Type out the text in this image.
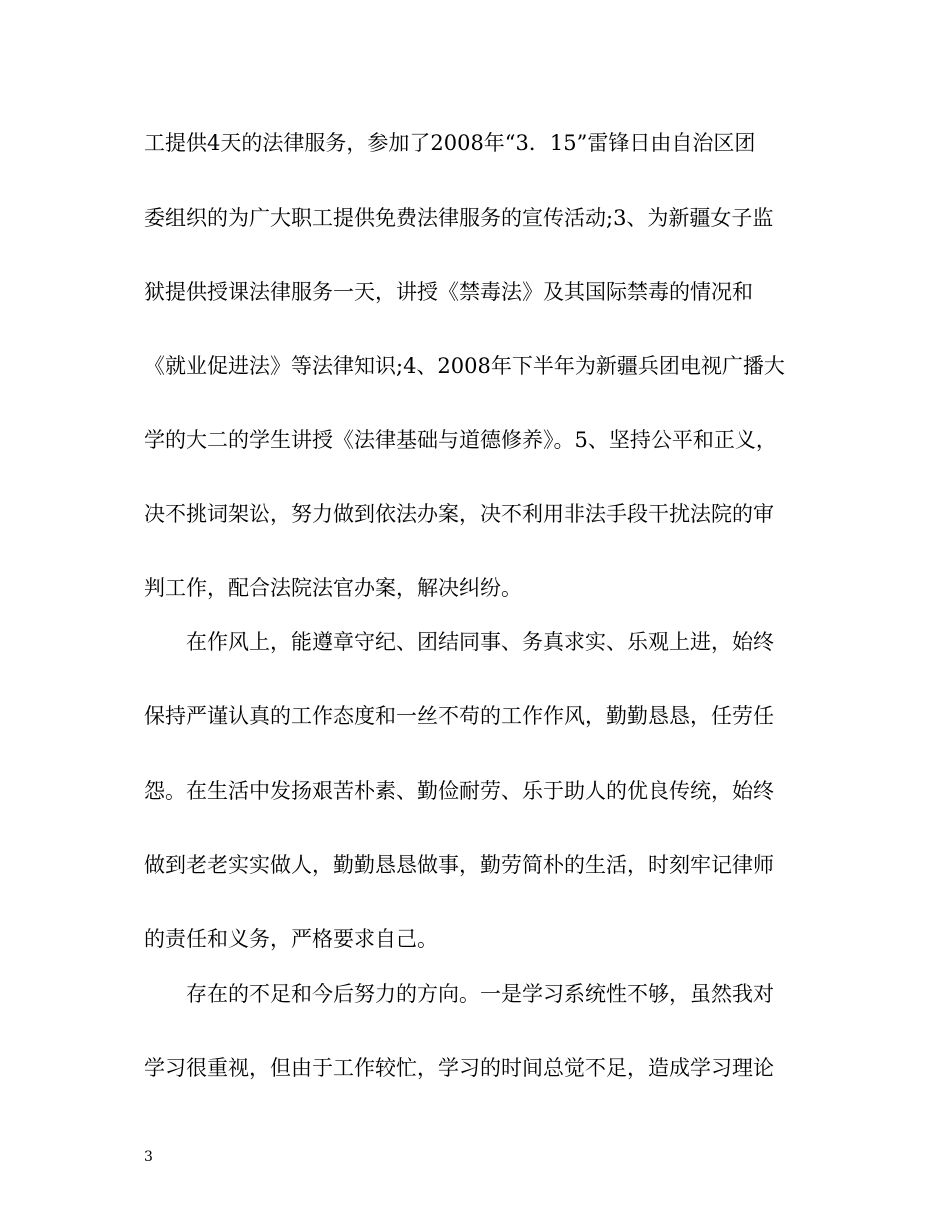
工提供4天的法律服务，参加了2008年“3．15”雷锋日由自治区团
委组织的为广大职工提供免费法律服务的宣传活动;3、为新疆女子监
狱提供授课法律服务一天，讲授《禁毒法》及其国际禁毒的情况和
《就业促进法》等法律知识;4、2008年下半年为新疆兵团电视广播大
学的大二的学生讲授《法律基础与道德修养》。5、坚持公平和正义，
决不挑词架讼，努力做到依法办案，决不利用非法手段干扰法院的审
判工作，配合法院法官办案，解决纠纷。
在作风上，能遵章守纪、团结同事、务真求实、乐观上进，始终
保持严谨认真的工作态度和一丝不苟的工作作风，勤勤恳恳，任劳任
怨。在生活中发扬艰苦朴素、勤俭耐劳、乐于助人的优良传统，始终
做到老老实实做人，勤勤恳恳做事，勤劳简朴的生活，时刻牢记律师
的责任和义务，严格要求自己。
存在的不足和今后努力的方向。一是学习系统性不够，虽然我对
学习很重视，但由于工作较忙，学习的时间总觉不足，造成学习理论
3
